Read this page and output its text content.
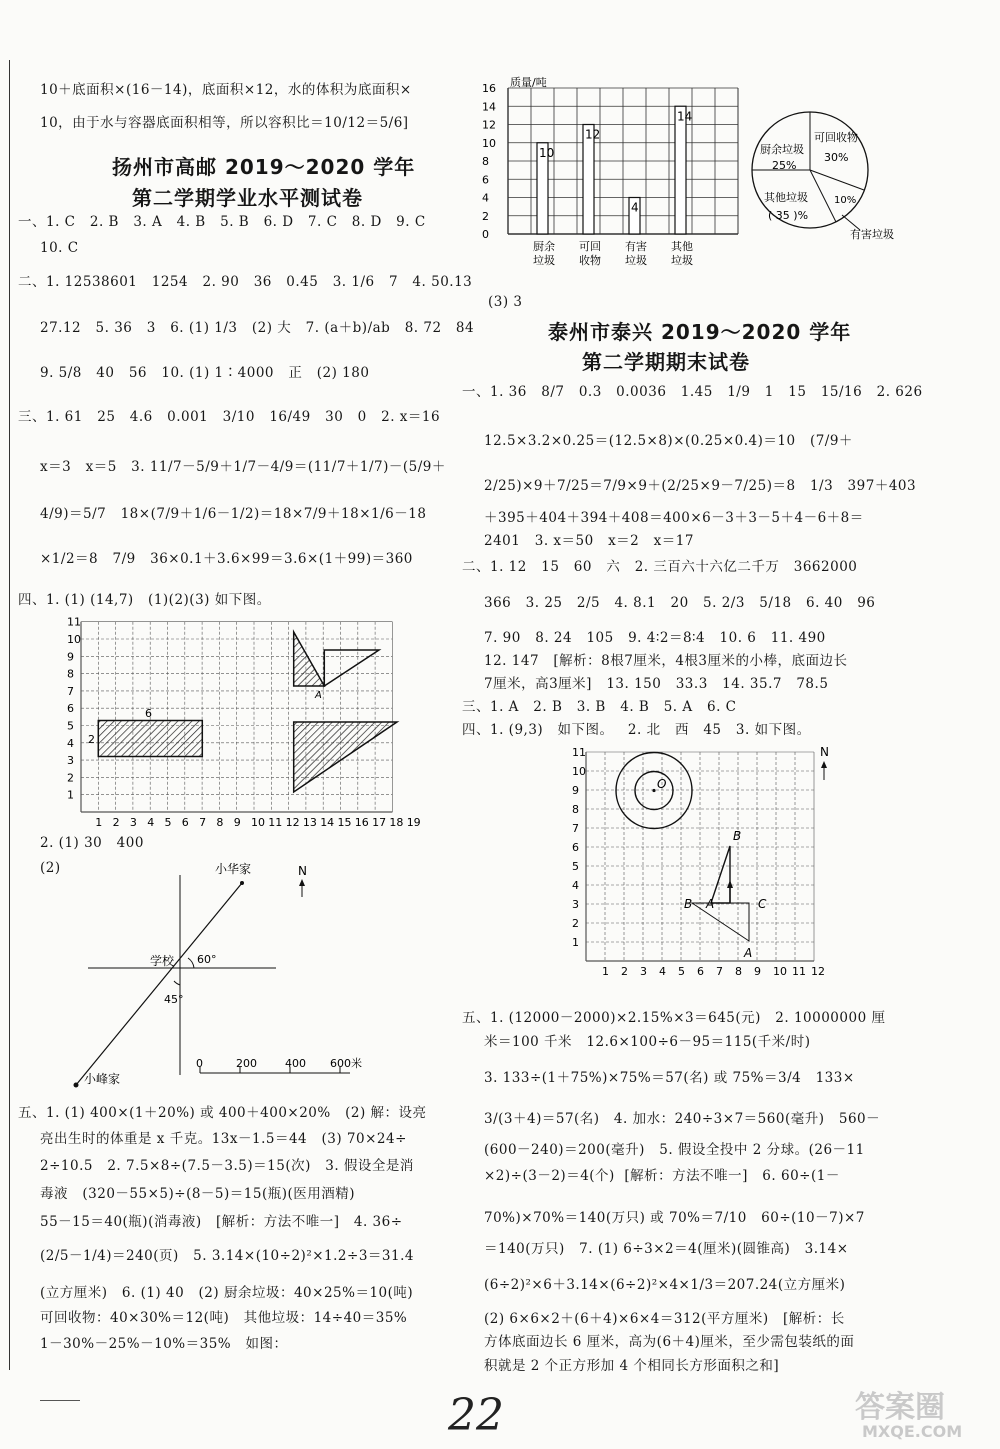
10＋底面积×(16－14)，底面积×12，水的体积为底面积×
10，由于水与容器底面积相等，所以容积比＝10/12＝5/6]
扬州市高邮 2019～2020 学年
第二学期学业水平测试卷
一、1. C   2. B   3. A   4. B   5. B   6. D   7. C   8. D   9. C
10. C
二、1. 12538601   1254   2. 90   36   0.45   3. 1/6   7   4. 50.13
27.12   5. 36   3   6. (1) 1/3   (2) 大   7. (a＋b)/ab   8. 72   84
9. 5/8   40   56   10. (1) 1∶4000   正   (2) 180
三、1. 61   25   4.6   0.001   3/10   16/49   30   0   2. x＝16
x＝3   x＝5   3. 11/7－5/9＋1/7－4/9＝(11/7＋1/7)－(5/9＋
4/9)＝5/7   18×(7/9＋1/6－1/2)＝18×7/9＋18×1/6－18
×1/2＝8   7/9   36×0.1＋3.6×99＝3.6×(1＋99)＝360
四、1. (1) (14,7)   (1)(2)(3) 如下图。
1 2 3 4 5 6 7 8 9 10 11 12 13 14 15 16 17 18 19
1
2
3
4
5
6
7
8
9
10
11
6
2
A
2. (1) 30   400
(2)	小华家
学校 60°
45°
小峰家
N
0	200	400 600米
五、1. (1) 400×(1＋20%) 或 400＋400×20%   (2) 解：设亮
亮出生时的体重是 x 千克。13x－1.5＝44   (3) 70×24÷
2÷10.5   2. 7.5×8÷(7.5－3.5)＝15(次)   3. 假设全是消
毒液   (320－55×5)÷(8－5)＝15(瓶)(医用酒精)
55－15＝40(瓶)(消毒液)   [解析：方法不唯一]   4. 36÷
(2/5－1/4)＝240(页)   5. 3.14×(10÷2)²×1.2÷3＝31.4
(立方厘米)   6. (1) 40   (2) 厨余垃圾：40×25%＝10(吨)
可回收物：40×30%＝12(吨)   其他垃圾：14÷40＝35%
1－30%－25%－10%＝35%   如图：
0
2
4
6
8
10
12
14
16 质量/吨
10
厨余
垃圾
12
可回
收物
4
有害
垃圾
14
其他
垃圾
厨余垃圾
25%
可回收物
30%
其他垃圾
( 35 )%
10%
有害垃圾
(3) 3
泰州市泰兴 2019～2020 学年
第二学期期末试卷
一、1. 36   8/7   0.3   0.0036   1.45   1/9   1   15   15/16   2. 626
12.5×3.2×0.25＝(12.5×8)×(0.25×0.4)＝10   (7/9＋
2/25)×9＋7/25＝7/9×9＋(2/25×9－7/25)＝8   1/3   397＋403
＋395＋404＋394＋408＝400×6－3＋3－5＋4－6＋8＝
2401   3. x＝50   x＝2   x＝17
二、1. 12   15   60   六   2. 三百六十六亿二千万   3662000
366   3. 25   2/5   4. 8.1   20   5. 2/3   5/18   6. 40   96
7. 90   8. 24   105   9. 4∶2＝8∶4   10. 6   11. 490
12. 147   [解析：8根7厘米，4根3厘米的小棒，底面边长
7厘米，高3厘米]   13. 150   33.3   14. 35.7   78.5
三、1. A   2. B   3. B   4. B   5. A   6. C
四、1. (9,3)   如下图。   2. 北   西   45   3. 如下图。
1 2 3 4 5 6 7 8 9 10 11 12
1
2
3
4
5
6
7
8
9
10
11
O
B
A	C
B
A
N
五、1. (12000－2000)×2.15%×3＝645(元)   2. 10000000 厘
米＝100 千米   12.6×100÷6－95＝115(千米/时)
3. 133÷(1＋75%)×75%＝57(名) 或 75%＝3/4   133×
3/(3＋4)＝57(名)   4. 加水：240÷3×7＝560(毫升)   560－
(600－240)＝200(毫升)   5. 假设全投中 2 分球。(26－11
×2)÷(3－2)＝4(个)  [解析：方法不唯一]   6. 60÷(1－
70%)×70%＝140(万只) 或 70%＝7/10   60÷(10－7)×7
＝140(万只)   7. (1) 6÷3×2＝4(厘米)(圆锥高)   3.14×
(6÷2)²×6＋3.14×(6÷2)²×4×1/3＝207.24(立方厘米)
(2) 6×6×2＋(6＋4)×6×4＝312(平方厘米)   [解析：长
方体底面边长 6 厘米，高为(6＋4)厘米，至少需包装纸的面
积就是 2 个正方形加 4 个相同长方形面积之和]
22	答案圈
MXQE.COM
